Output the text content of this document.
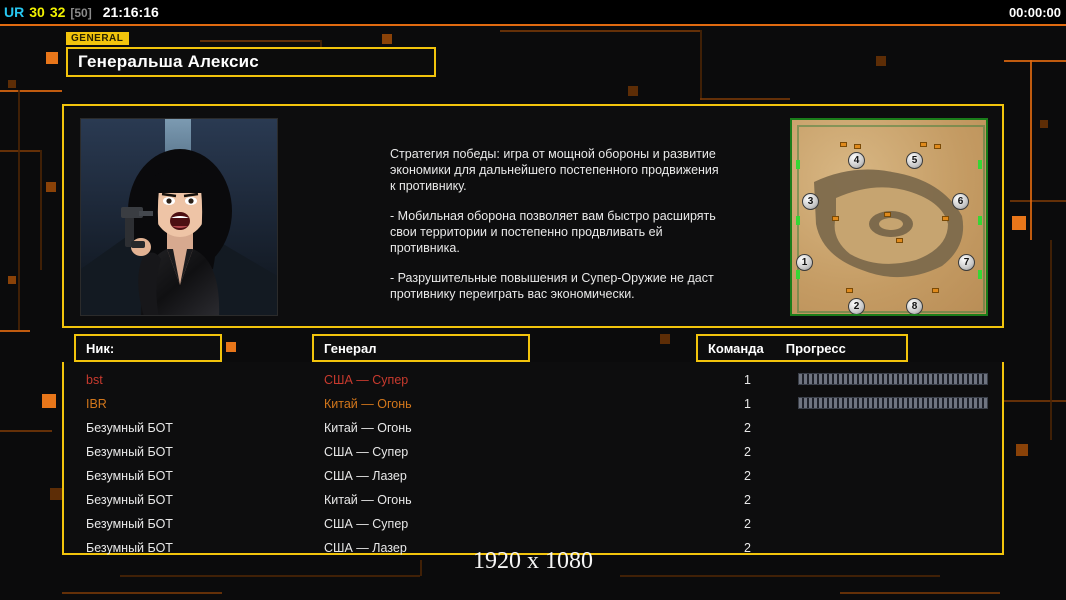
UR 30 32 [50] 21:16:16	00:00:00
GENERAL
Генеральша Алексис

Стратегия победы: игра от мощной обороны и развитие экономики для дальнейшего постепенного продвижения к противнику.

- Мобильная оборона позволяет вам быстро расширять свои территории и постепенно продвливать ей противника.

- Разрушительные повышения и Супер-Оружие не даст противнику переиграть вас экономически.

4	5
3	6
1	7
2	8
Ник:	Генерал	Команда	Прогресс
bst	США — Супер	1
IBR	Китай — Огонь	1
Безумный БОТ	Китай — Огонь	2
Безумный БОТ	США — Супер	2
Безумный БОТ	США — Лазер	2
Безумный БОТ	Китай — Огонь	2
Безумный БОТ	США — Супер	2
Безумный БОТ	США — Лазер	2
1920 x 1080
